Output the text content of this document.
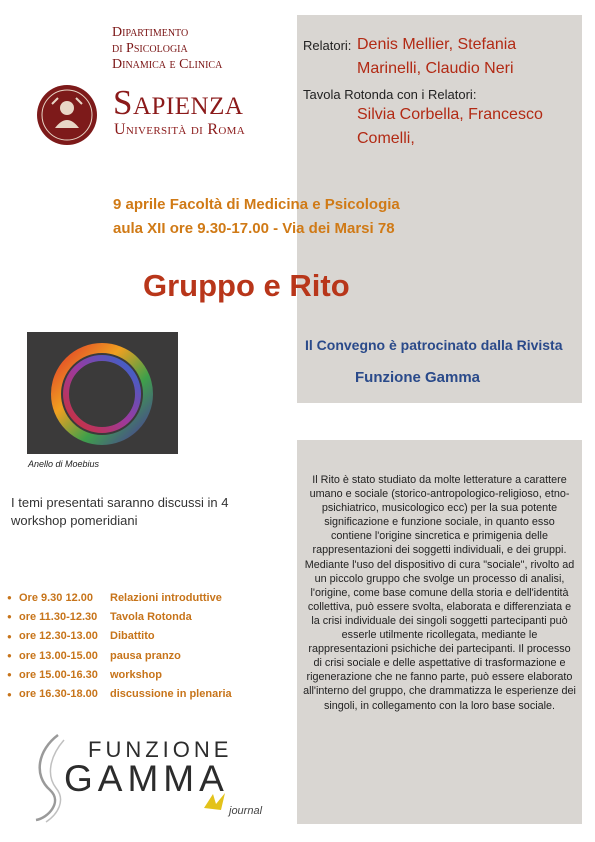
Dipartimento
di Psicologia
Dinamica e Clinica
Sapienza
Università di Roma
Relatori: Denis Mellier, Stefania
Marinelli, Claudio Neri
Tavola Rotonda con i Relatori:
Silvia Corbella, Francesco
Comelli,
9 aprile Facoltà di Medicina e Psicologia
aula XII ore 9.30-17.00 - Via dei Marsi 78
Gruppo e Rito
Il Convegno è patrocinato dalla Rivista
Funzione Gamma
Anello di Moebius
I temi presentati saranno discussi in 4 workshop pomeridiani
● Ore 9.30 12.00	Relazioni introduttive
● ore 11.30-12.30	Tavola Rotonda
● ore 12.30-13.00	Dibattito
● ore 13.00-15.00	pausa pranzo
● ore 15.00-16.30	workshop
● ore 16.30-18.00	discussione in plenaria
Il Rito è stato studiato da molte letterature a carattere umano e sociale (storico-antropologico-religioso, etno-psichiatrico, musicologico ecc) per la sua potente significazione e funzione sociale, in quanto esso contiene l'origine sincretica e primigenia delle rappresentazioni dei soggetti individuali, e dei gruppi. Mediante l'uso del dispositivo di cura "sociale", rivolto ad un piccolo gruppo che svolge un processo di analisi, l'origine, come base comune della storia e dell'identità collettiva, può essere svolta, elaborata e differenziata e la crisi individuale dei singoli soggetti partecipanti può esserle utilmente ricollegata, mediante le rappresentazioni psichiche dei partecipanti. Il processo di crisi sociale e delle aspettative di trasformazione e rigenerazione che ne fanno parte, può essere elaborato all'interno del gruppo, che drammatizza le esperienze dei singoli, in collegamento con la loro base sociale.
FUNZIONE
GAMMA
journal
